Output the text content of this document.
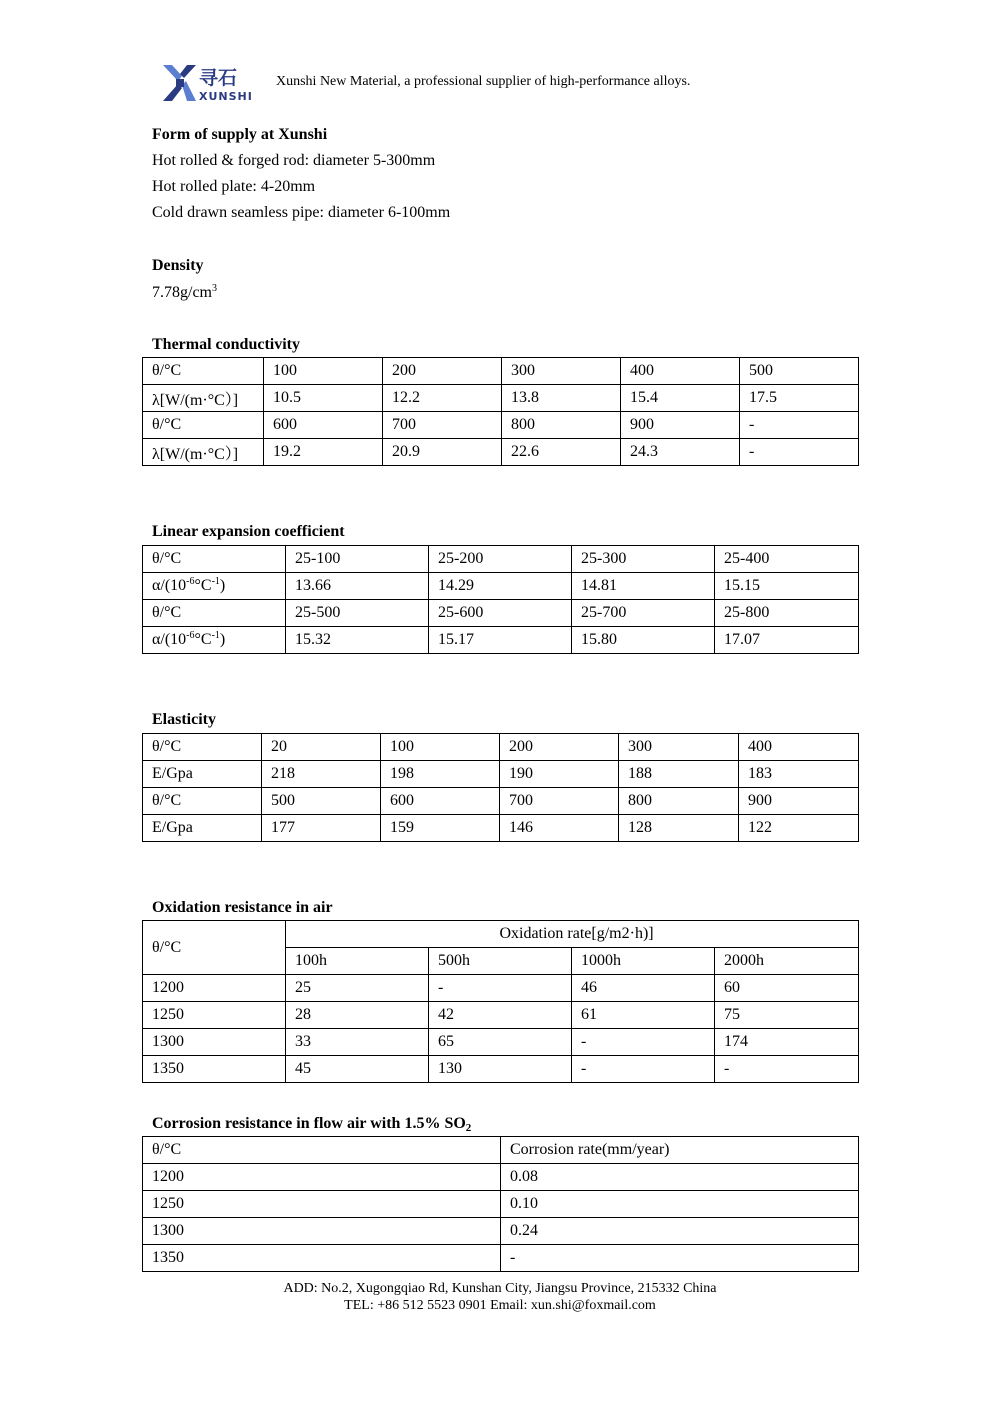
寻石
XUNSHI
Xunshi New Material, a professional supplier of high-performance alloys.
Form of supply at Xunshi
Hot rolled & forged rod: diameter 5-300mm
Hot rolled plate: 4-20mm
Cold drawn seamless pipe: diameter 6-100mm
Density
$7.78g/cm^3$
Thermal conductivity
θ/°C	100	200	300	400	500
λ[W/(m·°C）]	10.5	12.2	13.8	15.4	17.5
θ/°C	600	700	800	900	-
λ[W/(m·°C）]	19.2	20.9	22.6	24.3	-
Linear expansion coefficient
θ/°C	25-100	25-200	25-300	25-400
$\alpha/(10^{-6}^\circ C^{-1})$	13.66	14.29	14.81	15.15
θ/°C	25-500	25-600	25-700	25-800
$\alpha/(10^{-6}^\circ C^{-1})$	15.32	15.17	15.80	17.07
Elasticity
θ/°C	20	100	200	300	400
E/Gpa	218	198	190	188	183
θ/°C	500	600	700	800	900
E/Gpa	177	159	146	128	122
Oxidation resistance in air
θ/°C	Oxidation rate[g/m2·h)]			
	100h	500h	1000h	2000h
1200	25	-	46	60
1250	28	42	61	75
1300	33	65	-	174
1350	45	130	-	-
Corrosion resistance in flow air with 1.5% $SO_2$
θ/°C	Corrosion rate(mm/year)
1200	0.08
1250	0.10
1300	0.24
1350	-
ADD: No.2, Xugongqiao Rd, Kunshan City, Jiangsu Province, 215332 China
TEL: +86 512 5523 0901 Email: xun.shi@foxmail.com
